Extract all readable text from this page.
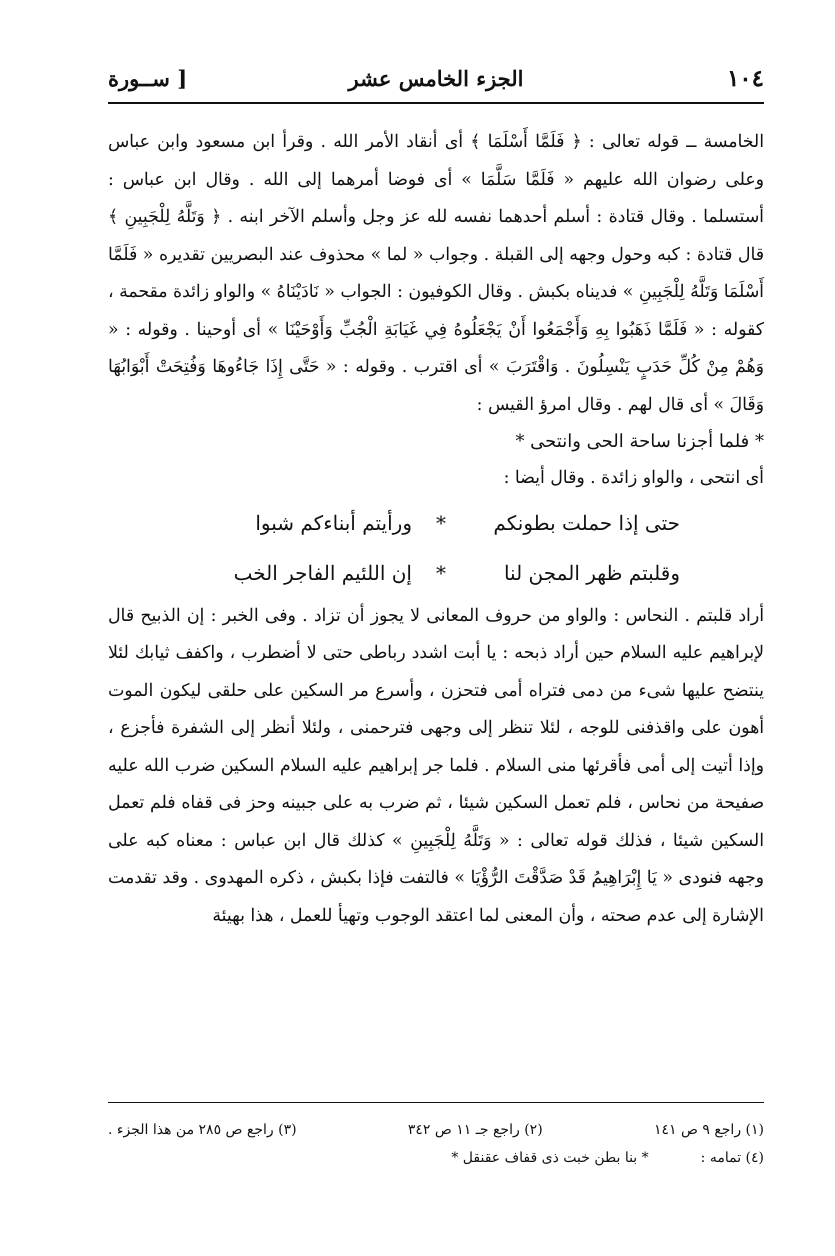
١٠٤
الجزء الخامس عشر
[ ســورة

الخامسة ــ قوله تعالى : ﴿ فَلَمَّا أَسْلَمَا ﴾ أى أنقاد الأمر الله . وقرأ ابن مسعود وابن عباس وعلى رضوان الله عليهم « فَلَمَّا سَلَّمَا » أى فوضا أمرهما إلى الله . وقال ابن عباس : أستسلما . وقال قتادة : أسلم أحدهما نفسه لله عز وجل وأسلم الآخر ابنه . ﴿ وَتَلَّهُ لِلْجَبِينِ ﴾ قال قتادة : كبه وحول وجهه إلى القبلة . وجواب « لما » محذوف عند البصريين تقديره « فَلَمَّا أَسْلَمَا وَتَلَّهُ لِلْجَبِينِ » فديناه بكبش . وقال الكوفيون : الجواب « نَادَيْنَاهُ » والواو زائدة مقحمة ، كقوله : « فَلَمَّا ذَهَبُوا بِهِ وَأَجْمَعُوا أَنْ يَجْعَلُوهُ فِي غَيَابَةِ الْجُبِّ وَأَوْحَيْنَا » أى أوحينا . وقوله : « وَهُمْ مِنْ كُلِّ حَدَبٍ يَنْسِلُونَ . وَاقْتَرَبَ » أى اقترب . وقوله : « حَتَّى إِذَا جَاءُوهَا وَفُتِحَتْ أَبْوَابُهَا وَقَالَ » أى قال لهم . وقال امرؤ القيس :

* فلما أجزنا ساحة الحى وانتحى *

أى انتحى ، والواو زائدة . وقال أيضا :

حتى إذا حملت بطونكم
*
ورأيتم أبناءكم شبوا
وقلبتم ظهر المجن لنا
*
إن اللئيم الفاجر الخب

أراد قلبتم . النحاس : والواو من حروف المعانى لا يجوز أن تزاد . وفى الخبر : إن الذبيح قال لإبراهيم عليه السلام حين أراد ذبحه : يا أبت اشدد رباطى حتى لا أضطرب ، واكفف ثيابك لئلا ينتضح عليها شىء من دمى فتراه أمى فتحزن ، وأسرع مر السكين على حلقى ليكون الموت أهون على واقذفنى للوجه ، لئلا تنظر إلى وجهى فترحمنى ، ولئلا أنظر إلى الشفرة فأجزع ، وإذا أتيت إلى أمى فأقرئها منى السلام . فلما جر إبراهيم عليه السلام السكين ضرب الله عليه صفيحة من نحاس ، فلم تعمل السكين شيئا ، ثم ضرب به على جبينه وحز فى قفاه فلم تعمل السكين شيئا ، فذلك قوله تعالى : « وَتَلَّهُ لِلْجَبِينِ » كذلك قال ابن عباس : معناه كبه على وجهه فنودى « يَا إِبْرَاهِيمُ قَدْ صَدَّقْتَ الرُّؤْيَا » فالتفت فإذا بكبش ، ذكره المهدوى . وقد تقدمت الإشارة إلى عدم صحته ، وأن المعنى لما اعتقد الوجوب وتهيأ للعمل ، هذا بهيئة

(١) راجع ٩ ص ١٤١
(٢) راجع جـ ١١ ص ٣٤٢
(٣) راجع ص ٢٨٥ من هذا الجزء .
(٤) تمامه :
* بنا بطن خبت ذى قفاف عقنقل *
